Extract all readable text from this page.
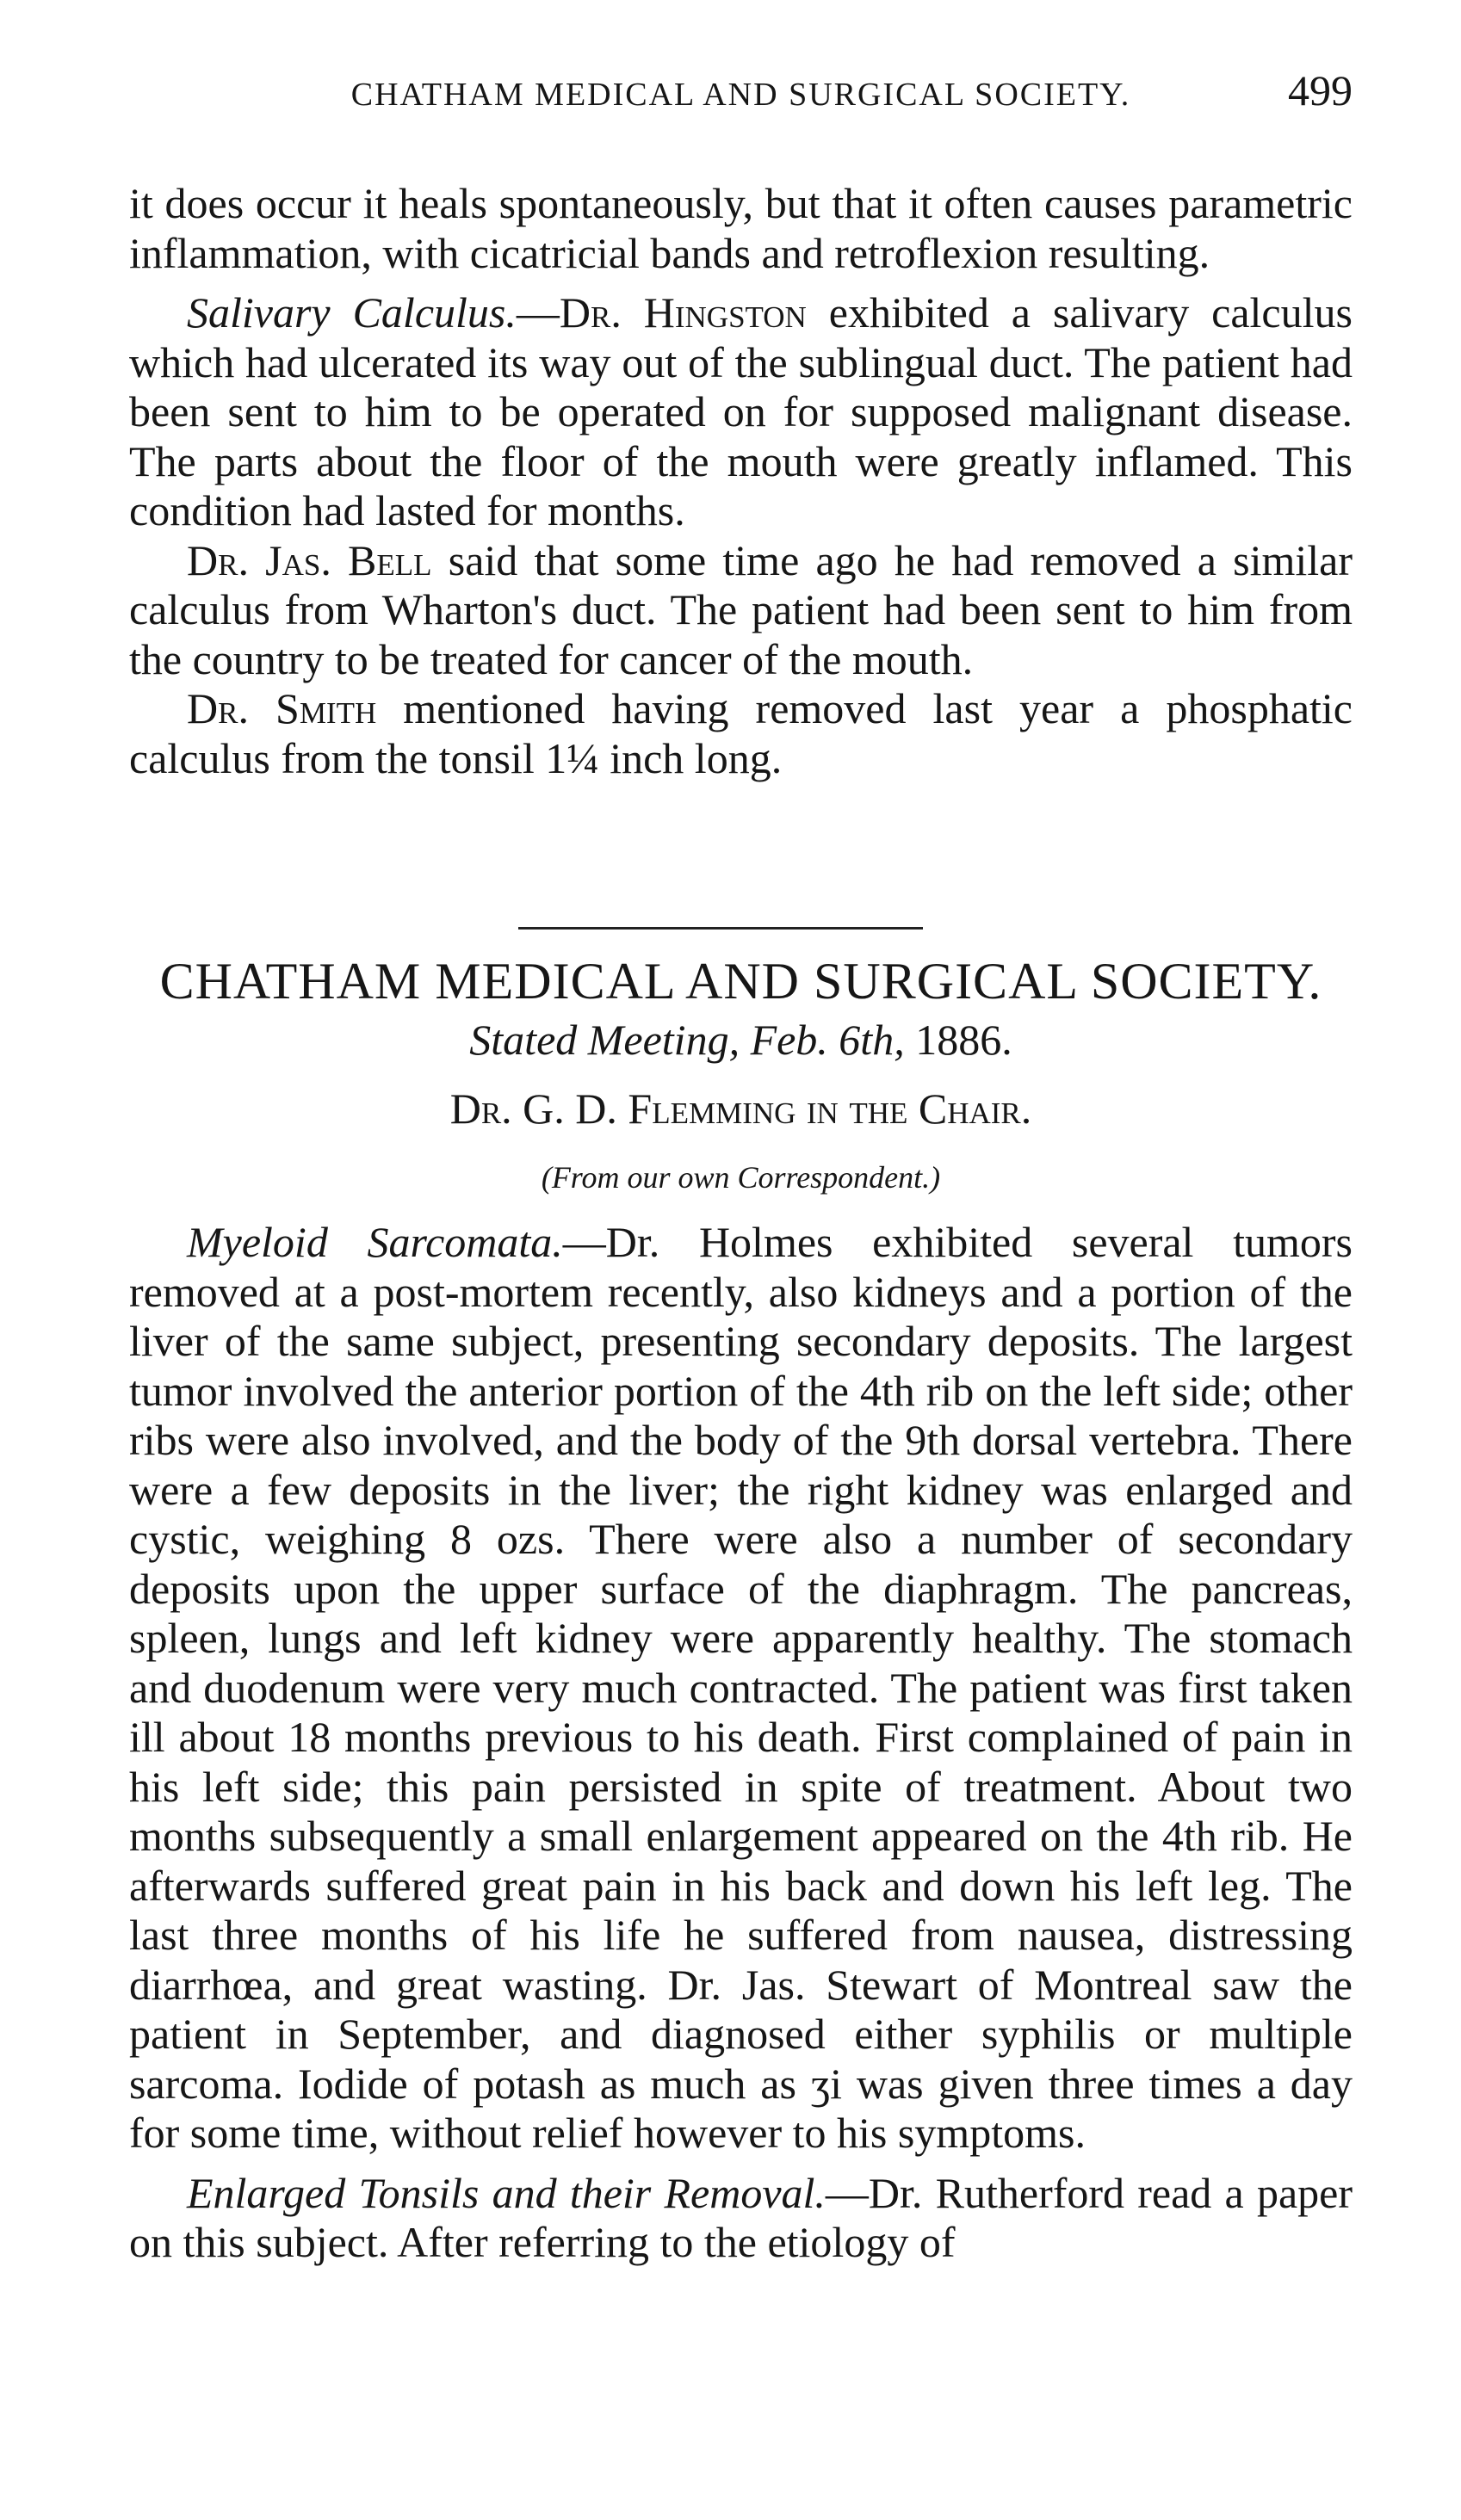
CHATHAM MEDICAL AND SURGICAL SOCIETY.	499

it does occur it heals spontaneously, but that it often causes parametric inflammation, with cicatricial bands and retroflexion resulting.

Salivary Calculus.—Dr. Hingston exhibited a salivary calculus which had ulcerated its way out of the sublingual duct. The patient had been sent to him to be operated on for supposed malignant disease. The parts about the floor of the mouth were greatly inflamed. This condition had lasted for months.

Dr. Jas. Bell said that some time ago he had removed a similar calculus from Wharton's duct. The patient had been sent to him from the country to be treated for cancer of the mouth.

Dr. Smith mentioned having removed last year a phosphatic calculus from the tonsil 1¼ inch long.

CHATHAM MEDICAL AND SURGICAL SOCIETY.
Stated Meeting, Feb. 6th, 1886.
Dr. G. D. Flemming in the Chair.
(From our own Correspondent.)

Myeloid Sarcomata.—Dr. Holmes exhibited several tumors removed at a post-mortem recently, also kidneys and a portion of the liver of the same subject, presenting secondary deposits. The largest tumor involved the anterior portion of the 4th rib on the left side; other ribs were also involved, and the body of the 9th dorsal vertebra. There were a few deposits in the liver; the right kidney was enlarged and cystic, weighing 8 ozs. There were also a number of secondary deposits upon the upper surface of the diaphragm. The pancreas, spleen, lungs and left kidney were apparently healthy. The stomach and duodenum were very much contracted. The patient was first taken ill about 18 months previous to his death. First complained of pain in his left side; this pain persisted in spite of treatment. About two months subsequently a small enlargement appeared on the 4th rib. He afterwards suffered great pain in his back and down his left leg. The last three months of his life he suffered from nausea, distressing diarrhœa, and great wasting. Dr. Jas. Stewart of Montreal saw the patient in September, and diagnosed either syphilis or multiple sarcoma. Iodide of potash as much as ʒi was given three times a day for some time, without relief however to his symptoms.

Enlarged Tonsils and their Removal.—Dr. Rutherford read a paper on this subject. After referring to the etiology of
